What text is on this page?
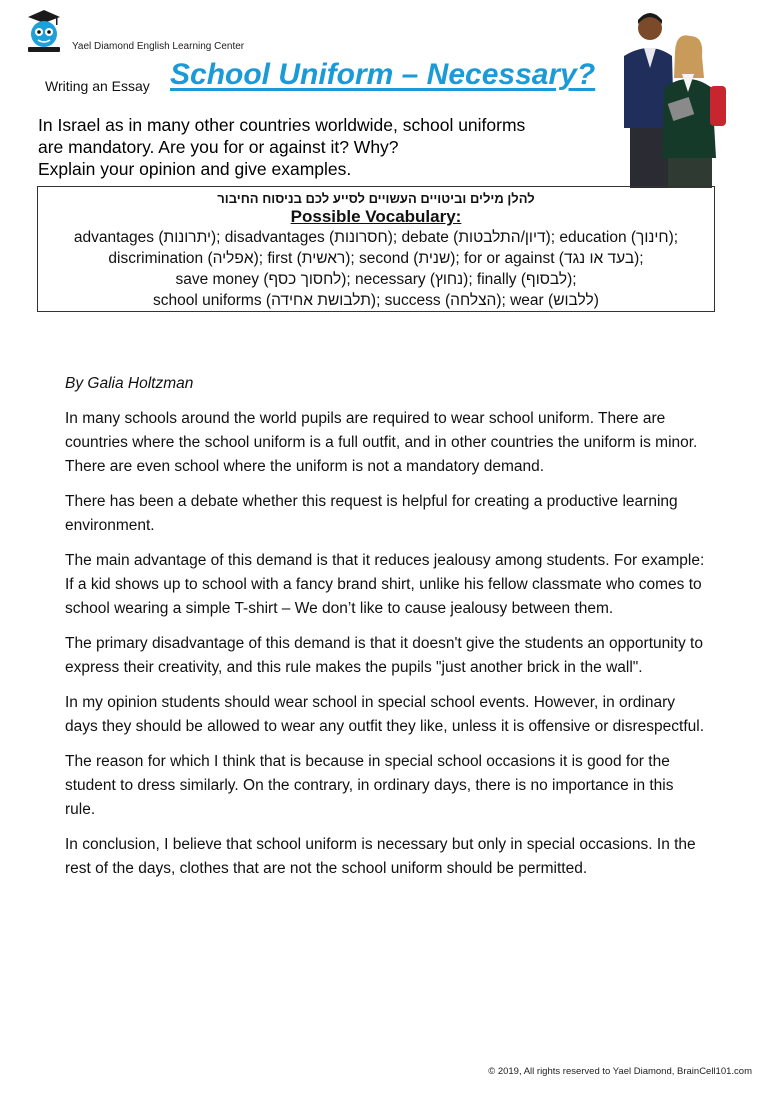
Yael Diamond English Learning Center
Writing an Essay School Uniform – Necessary?
In Israel as in many other countries worldwide, school uniforms
are mandatory. Are you for or against it? Why?
Explain your opinion and give examples.
להלן מילים וביטויים העשויים לסייע לכם בניסוח החיבור
Possible Vocabulary:
advantages (יתרונות); disadvantages (חסרונות); debate (דיון/התלבטות); education (חינוך);
discrimination (אפליה); first (ראשית); second (שנית); for or against (בעד או נגד);
save money (לחסוך כסף); necessary (נחוץ); finally (לבסוף);
school uniforms (תלבושת אחידה); success (הצלחה); wear (ללבוש)

By Galia Holtzman

In many schools around the world pupils are required to wear school uniform. There are countries where the school uniform is a full outfit, and in other countries the uniform is minor. There are even school where the uniform is not a mandatory demand.

There has been a debate whether this request is helpful for creating a productive learning environment.

The main advantage of this demand is that it reduces jealousy among students. For example: If a kid shows up to school with a fancy brand shirt, unlike his fellow classmate who comes to school wearing a simple T-shirt – We don’t like to cause jealousy between them.

The primary disadvantage of this demand is that it doesn't give the students an opportunity to express their creativity, and this rule makes the pupils "just another brick in the wall".

In my opinion students should wear school in special school events. However, in ordinary days they should be allowed to wear any outfit they like, unless it is offensive or disrespectful.

The reason for which I think that is because in special school occasions it is good for the student to dress similarly. On the contrary, in ordinary days, there is no importance in this rule.

In conclusion, I believe that school uniform is necessary but only in special occasions. In the rest of the days, clothes that are not the school uniform should be permitted.

© 2019, All rights reserved to Yael Diamond, BrainCell101.com
